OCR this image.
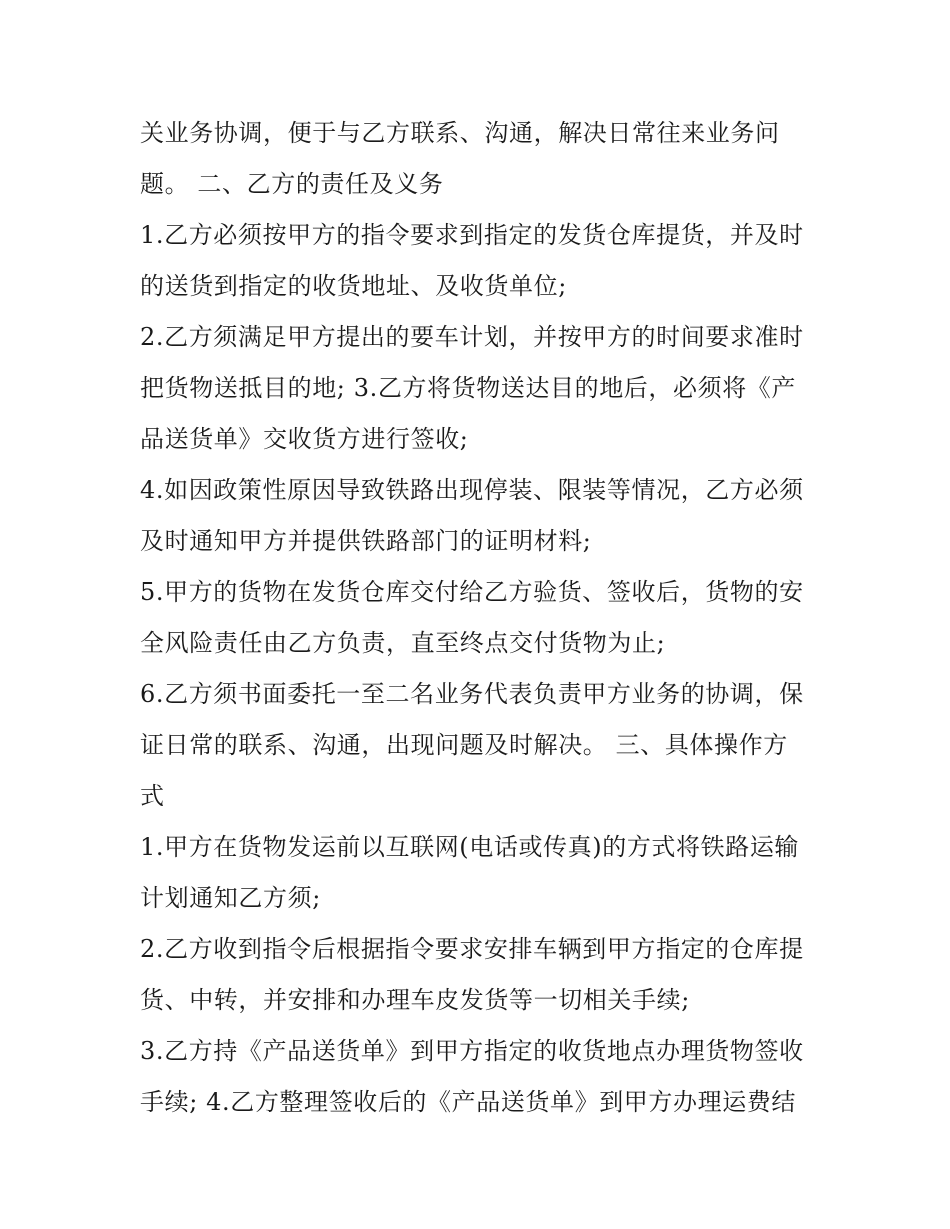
关业务协调，便于与乙方联系、沟通，解决日常往来业务问
题。 二、乙方的责任及义务
1.乙方必须按甲方的指令要求到指定的发货仓库提货，并及时
的送货到指定的收货地址、及收货单位;
2.乙方须满足甲方提出的要车计划，并按甲方的时间要求准时
把货物送抵目的地; 3.乙方将货物送达目的地后，必须将《产
品送货单》交收货方进行签收;
4.如因政策性原因导致铁路出现停装、限装等情况，乙方必须
及时通知甲方并提供铁路部门的证明材料;
5.甲方的货物在发货仓库交付给乙方验货、签收后，货物的安
全风险责任由乙方负责，直至终点交付货物为止;
6.乙方须书面委托一至二名业务代表负责甲方业务的协调，保
证日常的联系、沟通，出现问题及时解决。 三、具体操作方
式
1.甲方在货物发运前以互联网(电话或传真)的方式将铁路运输
计划通知乙方须;
2.乙方收到指令后根据指令要求安排车辆到甲方指定的仓库提
货、中转，并安排和办理车皮发货等一切相关手续;
3.乙方持《产品送货单》到甲方指定的收货地点办理货物签收
手续; 4.乙方整理签收后的《产品送货单》到甲方办理运费结
